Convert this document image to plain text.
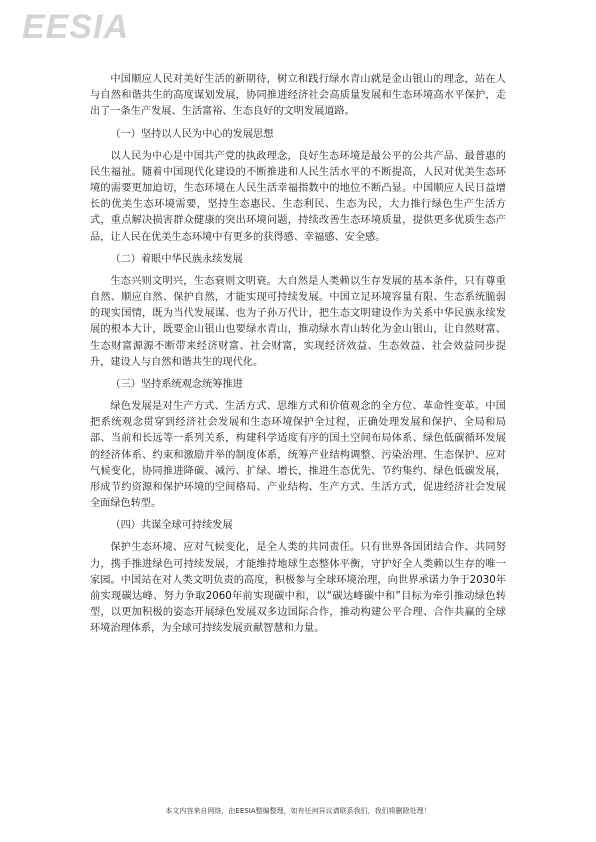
EESIA

中国顺应人民对美好生活的新期待，树立和践行绿水青山就是金山银山的理念，站在人与自然和谐共生的高度谋划发展，协同推进经济社会高质量发展和生态环境高水平保护，走出了一条生产发展、生活富裕、生态良好的文明发展道路。

（一）坚持以人民为中心的发展思想

以人民为中心是中国共产党的执政理念，良好生态环境是最公平的公共产品、最普惠的民生福祉。随着中国现代化建设的不断推进和人民生活水平的不断提高，人民对优美生态环境的需要更加迫切，生态环境在人民生活幸福指数中的地位不断凸显。中国顺应人民日益增长的优美生态环境需要，坚持生态惠民、生态利民、生态为民，大力推行绿色生产生活方式，重点解决损害群众健康的突出环境问题，持续改善生态环境质量，提供更多优质生态产品，让人民在优美生态环境中有更多的获得感、幸福感、安全感。

（二）着眼中华民族永续发展

生态兴则文明兴，生态衰则文明衰。大自然是人类赖以生存发展的基本条件，只有尊重自然、顺应自然、保护自然，才能实现可持续发展。中国立足环境容量有限、生态系统脆弱的现实国情，既为当代发展谋、也为子孙万代计，把生态文明建设作为关系中华民族永续发展的根本大计，既要金山银山也要绿水青山，推动绿水青山转化为金山银山，让自然财富、生态财富源源不断带来经济财富、社会财富，实现经济效益、生态效益、社会效益同步提升，建设人与自然和谐共生的现代化。

（三）坚持系统观念统筹推进

绿色发展是对生产方式、生活方式、思维方式和价值观念的全方位、革命性变革。中国把系统观念贯穿到经济社会发展和生态环境保护全过程，正确处理发展和保护、全局和局部、当前和长远等一系列关系，构建科学适度有序的国土空间布局体系、绿色低碳循环发展的经济体系、约束和激励并举的制度体系，统筹产业结构调整、污染治理、生态保护、应对气候变化，协同推进降碳、减污、扩绿、增长，推进生态优先、节约集约、绿色低碳发展，形成节约资源和保护环境的空间格局、产业结构、生产方式、生活方式，促进经济社会发展全面绿色转型。

（四）共谋全球可持续发展

保护生态环境、应对气候变化，是全人类的共同责任。只有世界各国团结合作、共同努力，携手推进绿色可持续发展，才能维持地球生态整体平衡，守护好全人类赖以生存的唯一家园。中国站在对人类文明负责的高度，积极参与全球环境治理，向世界承诺力争于2030年前实现碳达峰、努力争取2060年前实现碳中和，以“碳达峰碳中和”目标为牵引推动绿色转型，以更加积极的姿态开展绿色发展双多边国际合作，推动构建公平合理、合作共赢的全球环境治理体系，为全球可持续发展贡献智慧和力量。

本文内容来自网络，由EESIA整编整理，如有任何异议请联系我们，我们将删除处理！
